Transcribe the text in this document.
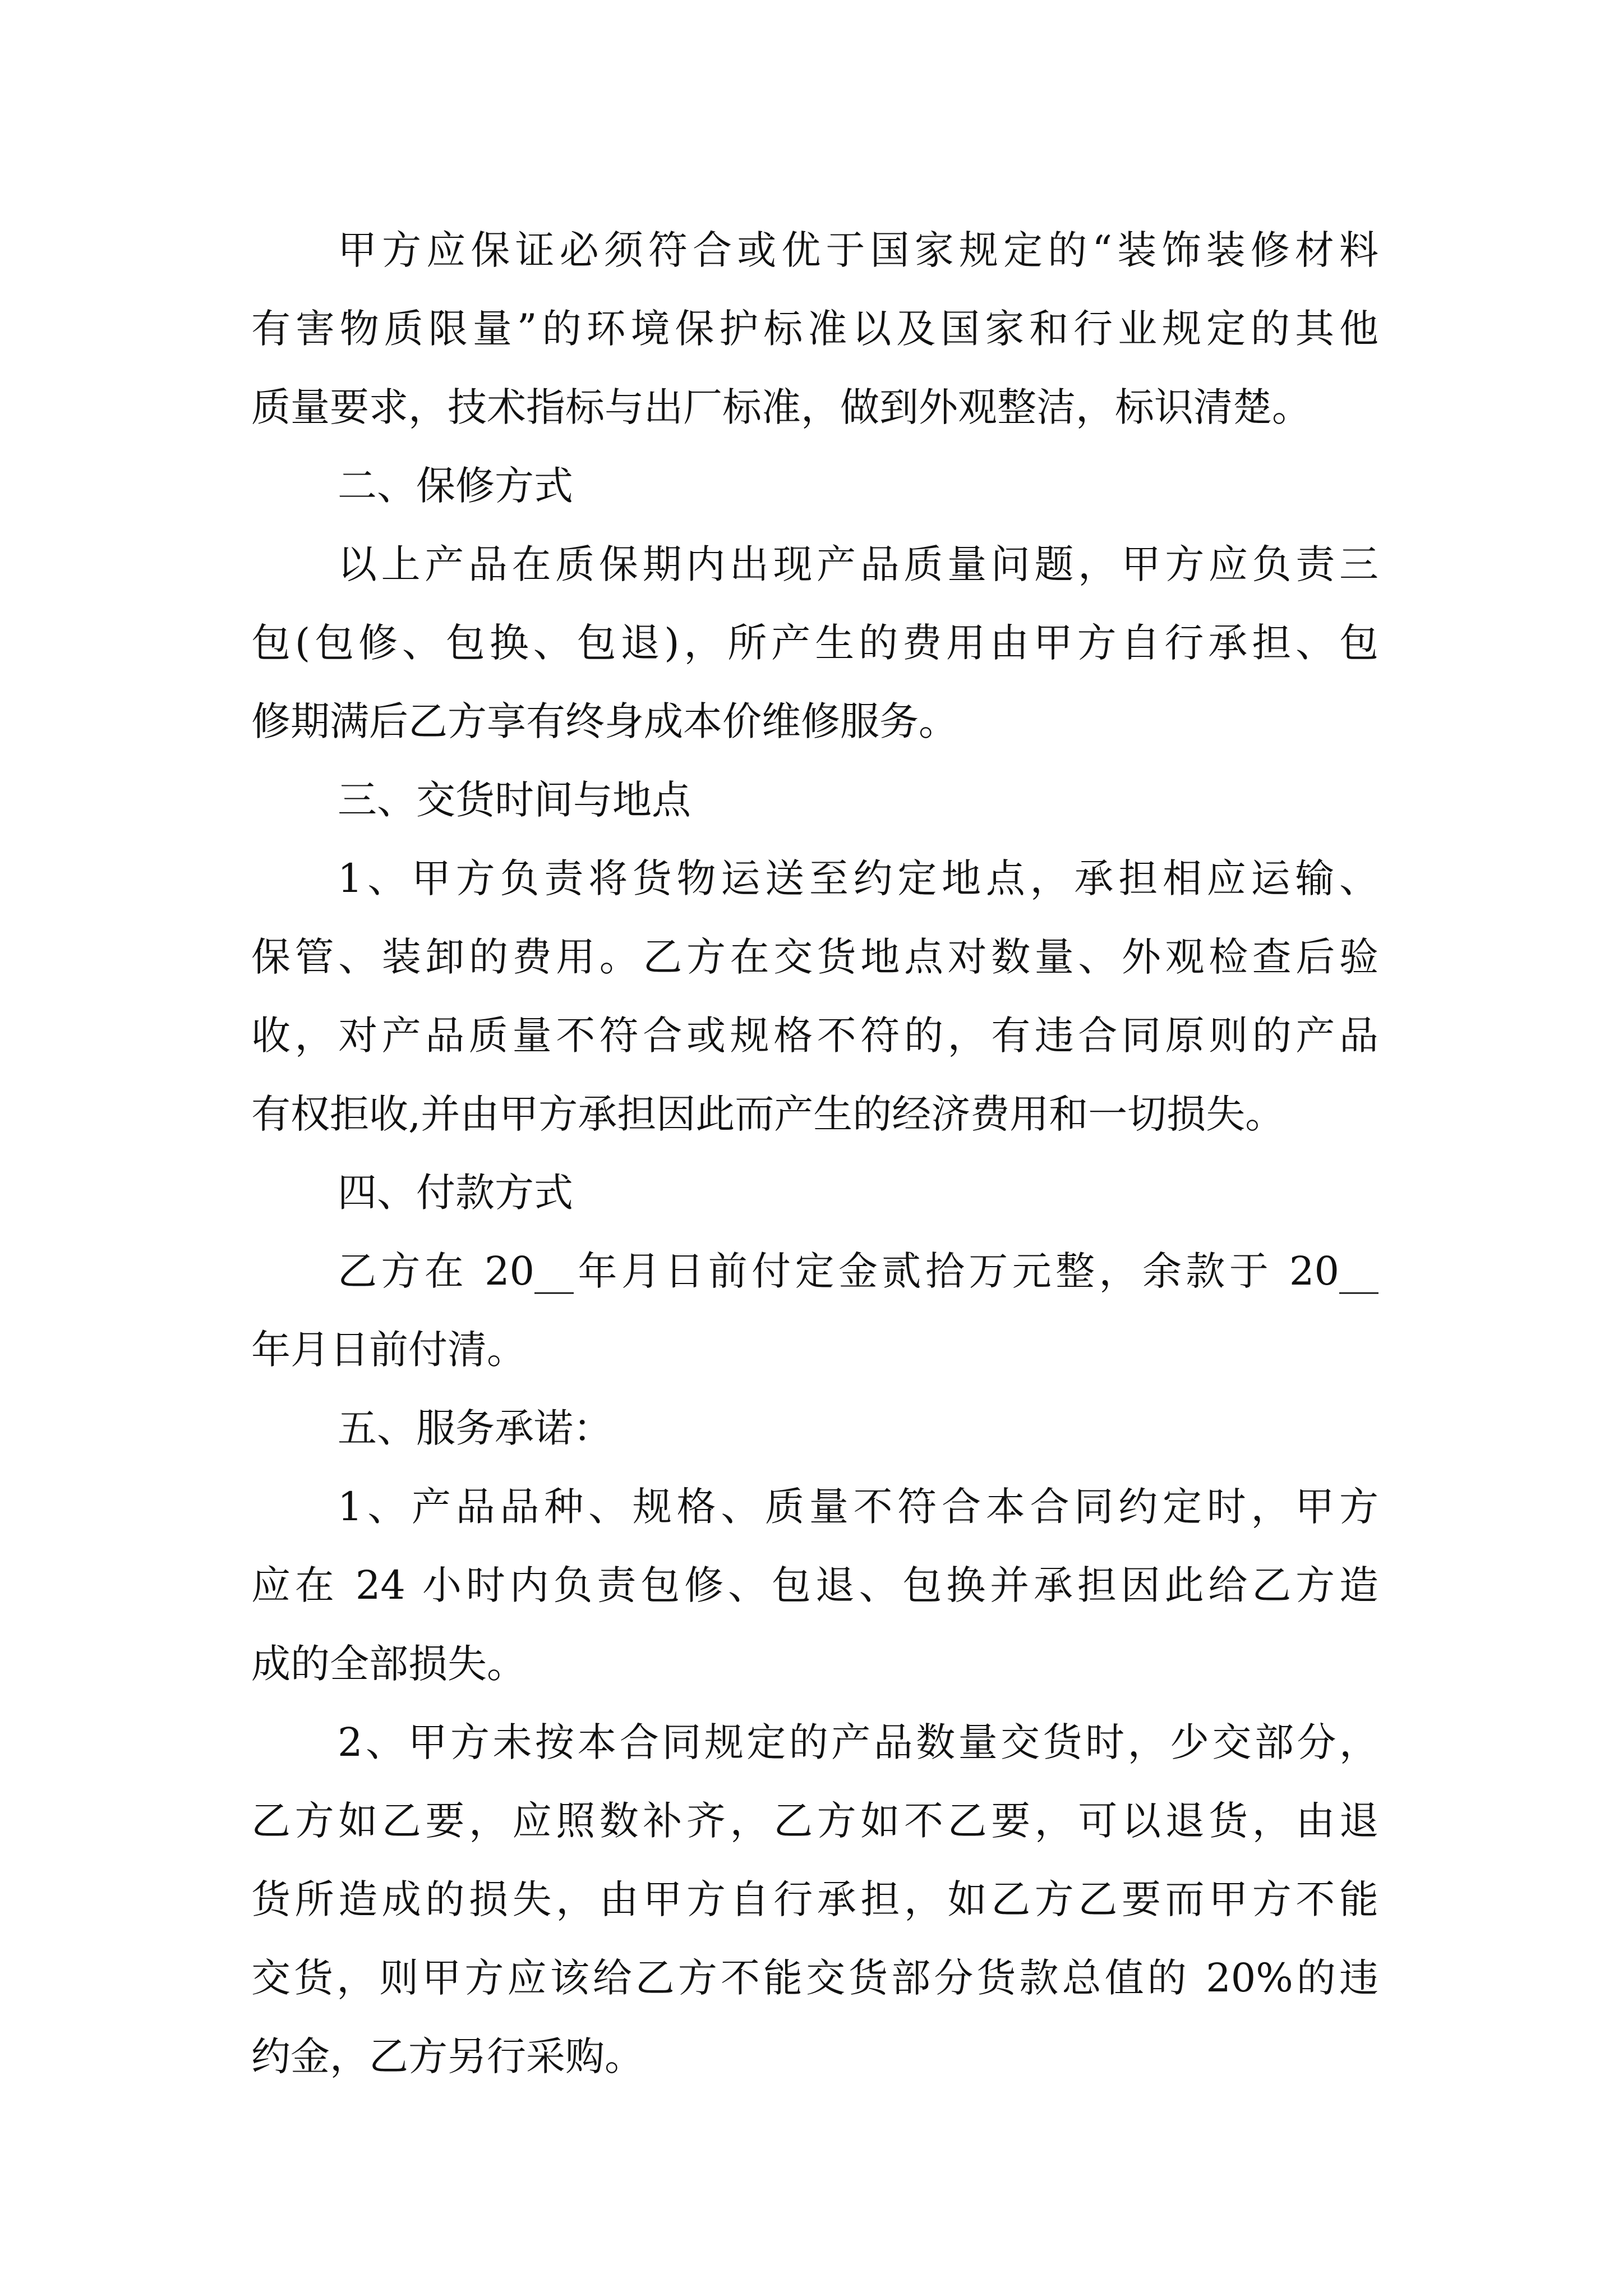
甲方应保证必须符合或优于国家规定的“装饰装修材料
有害物质限量”的环境保护标准以及国家和行业规定的其他
质量要求，技术指标与出厂标准，做到外观整洁，标识清楚。
二、保修方式
以上产品在质保期内出现产品质量问题，甲方应负责三
包(包修、包换、包退)，所产生的费用由甲方自行承担、包
修期满后乙方享有终身成本价维修服务。
三、交货时间与地点
1、甲方负责将货物运送至约定地点，承担相应运输、
保管、装卸的费用。乙方在交货地点对数量、外观检查后验
收，对产品质量不符合或规格不符的，有违合同原则的产品
有权拒收,并由甲方承担因此而产生的经济费用和一切损失。
四、付款方式
乙方在 20__年月日前付定金贰拾万元整，余款于 20__
年月日前付清。
五、服务承诺：
1、产品品种、规格、质量不符合本合同约定时，甲方
应在 24 小时内负责包修、包退、包换并承担因此给乙方造
成的全部损失。
2、甲方未按本合同规定的产品数量交货时，少交部分，
乙方如乙要，应照数补齐，乙方如不乙要，可以退货，由退
货所造成的损失，由甲方自行承担，如乙方乙要而甲方不能
交货，则甲方应该给乙方不能交货部分货款总值的 20%的违
约金，乙方另行采购。
